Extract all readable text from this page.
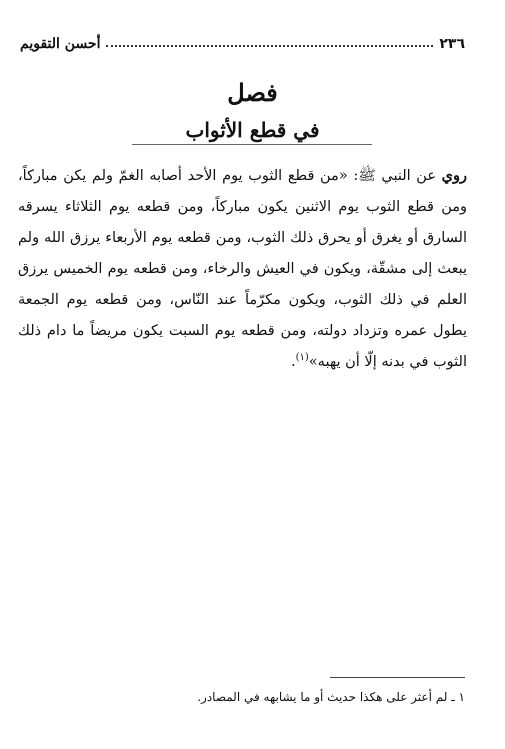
٢٣٦
أحسن التقويم
فصل
في قطع الأثواب
روي عن النبي ﷺ: «من قطع الثوب يوم الأحد أصابه الغمّ ولم يكن مباركاً، ومن قطع الثوب يوم الاثنين يكون مباركاً، ومن قطعه يوم الثلاثاء يسرقه السارق أو يغرق أو يحرق ذلك الثوب، ومن قطعه يوم الأربعاء يرزق الله ولم يبعث إلى مشقّة، ويكون في العيش والرخاء، ومن قطعه يوم الخميس يرزق العلم في ذلك الثوب، ويكون مكرّماً عند النّاس، ومن قطعه يوم الجمعة يطول عمره وتزداد دولته، ومن قطعه يوم السبت يكون مريضاً ما دام ذلك الثوب في بدنه إلّا أن يهبه»$^{(١)}$.
١ ـ لم أعثر على هكذا حديث أو ما يشابهه في المصادر.
